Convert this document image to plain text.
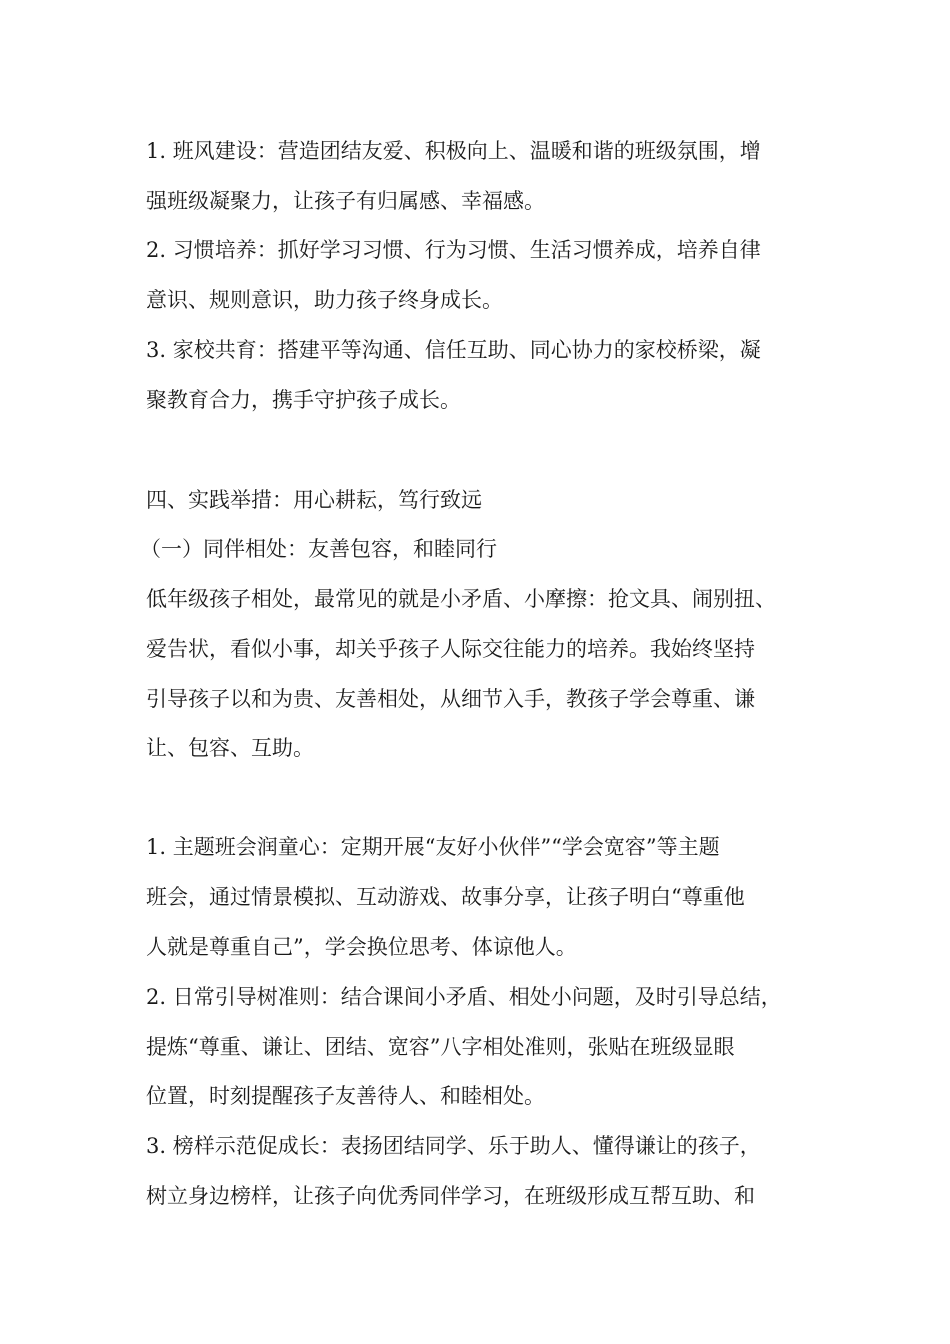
1. 班风建设：营造团结友爱、积极向上、温暖和谐的班级氛围，增
强班级凝聚力，让孩子有归属感、幸福感。
2. 习惯培养：抓好学习习惯、行为习惯、生活习惯养成，培养自律
意识、规则意识，助力孩子终身成长。
3. 家校共育：搭建平等沟通、信任互助、同心协力的家校桥梁，凝
聚教育合力，携手守护孩子成长。
四、实践举措：用心耕耘，笃行致远
（一）同伴相处：友善包容，和睦同行
低年级孩子相处，最常见的就是小矛盾、小摩擦：抢文具、闹别扭、
爱告状，看似小事，却关乎孩子人际交往能力的培养。我始终坚持
引导孩子以和为贵、友善相处，从细节入手，教孩子学会尊重、谦
让、包容、互助。
1. 主题班会润童心：定期开展“友好小伙伴”“学会宽容”等主题
班会，通过情景模拟、互动游戏、故事分享，让孩子明白“尊重他
人就是尊重自己”，学会换位思考、体谅他人。
2. 日常引导树准则：结合课间小矛盾、相处小问题，及时引导总结，
提炼“尊重、谦让、团结、宽容”八字相处准则，张贴在班级显眼
位置，时刻提醒孩子友善待人、和睦相处。
3. 榜样示范促成长：表扬团结同学、乐于助人、懂得谦让的孩子，
树立身边榜样，让孩子向优秀同伴学习，在班级形成互帮互助、和
